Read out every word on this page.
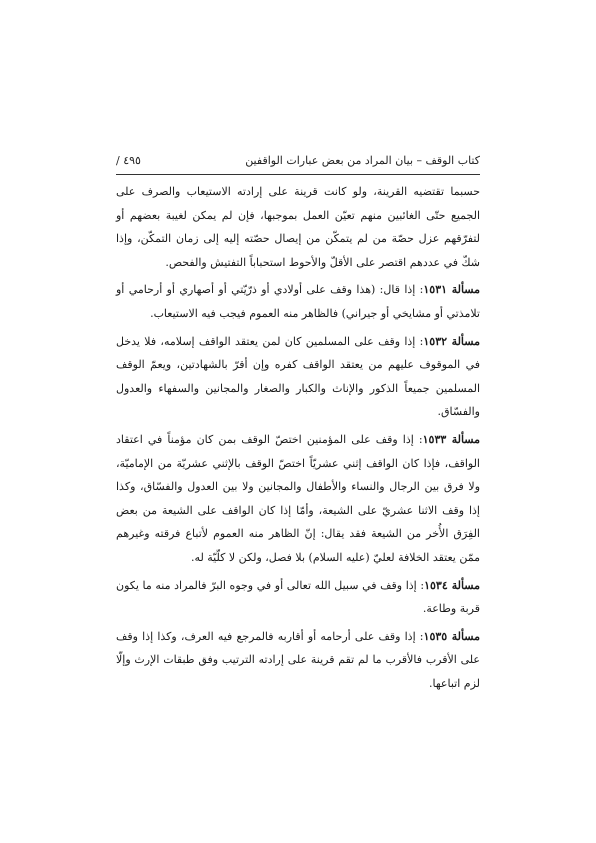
كتاب الوقف – بيان المراد من بعض عبارات الواقفين
٤٩٥ /

حسبما تقتضيه القرينة، ولو كانت قرينة على إرادته الاستيعاب والصرف على الجميع حتّى الغائبين منهم تعيّن العمل بموجبها، فإن لم يمكن لغيبة بعضهم أو لتفرّقهم عزل حصّة من لم يتمكّن من إيصال حصّته إليه إلى زمان التمكّن، وإذا شكّ في عددهم اقتصر على الأقلّ والأحوط استحباباً التفتيش والفحص.

مسألة ١٥٣١: إذا قال: (هذا وقف على أولادي أو ذرّيّتي أو أصهاري أو أرحامي أو تلامذتي أو مشايخي أو جيراني) فالظاهر منه العموم فيجب فيه الاستيعاب.

مسألة ١٥٣٢: إذا وقف على المسلمين كان لمن يعتقد الواقف إسلامه، فلا يدخل في الموقوف عليهم من يعتقد الواقف كفره وإن أقرّ بالشهادتين، ويعمّ الوقف المسلمين جميعاً الذكور والإناث والكبار والصغار والمجانين والسفهاء والعدول والفسّاق.

مسألة ١٥٣٣: إذا وقف على المؤمنين اختصّ الوقف بمن كان مؤمناً في اعتقاد الواقف، فإذا كان الواقف إثني عشريّاً اختصّ الوقف بالإثني عشريّة من الإماميّة، ولا فرق بين الرجال والنساء والأطفال والمجانين ولا بين العدول والفسّاق، وكذا إذا وقف الاثنا عشريّ على الشيعة، وأمّا إذا كان الواقف على الشيعة من بعض الفِرَق الأُخر من الشيعة فقد يقال: إنّ الظاهر منه العموم لأتباع فرقته وغيرهم ممّن يعتقد الخلافة لعليّ (عليه السلام) بلا فصل، ولكن لا كلّيّة له.

مسألة ١٥٣٤: إذا وقف في سبيل الله تعالى أو في وجوه البرّ فالمراد منه ما يكون قربة وطاعة.

مسألة ١٥٣٥: إذا وقف على أرحامه أو أقاربه فالمرجع فيه العرف، وكذا إذا وقف على الأقرب فالأقرب ما لم تقم قرينة على إرادته الترتيب وفق طبقات الإرث وإلّا لزم اتباعها.
